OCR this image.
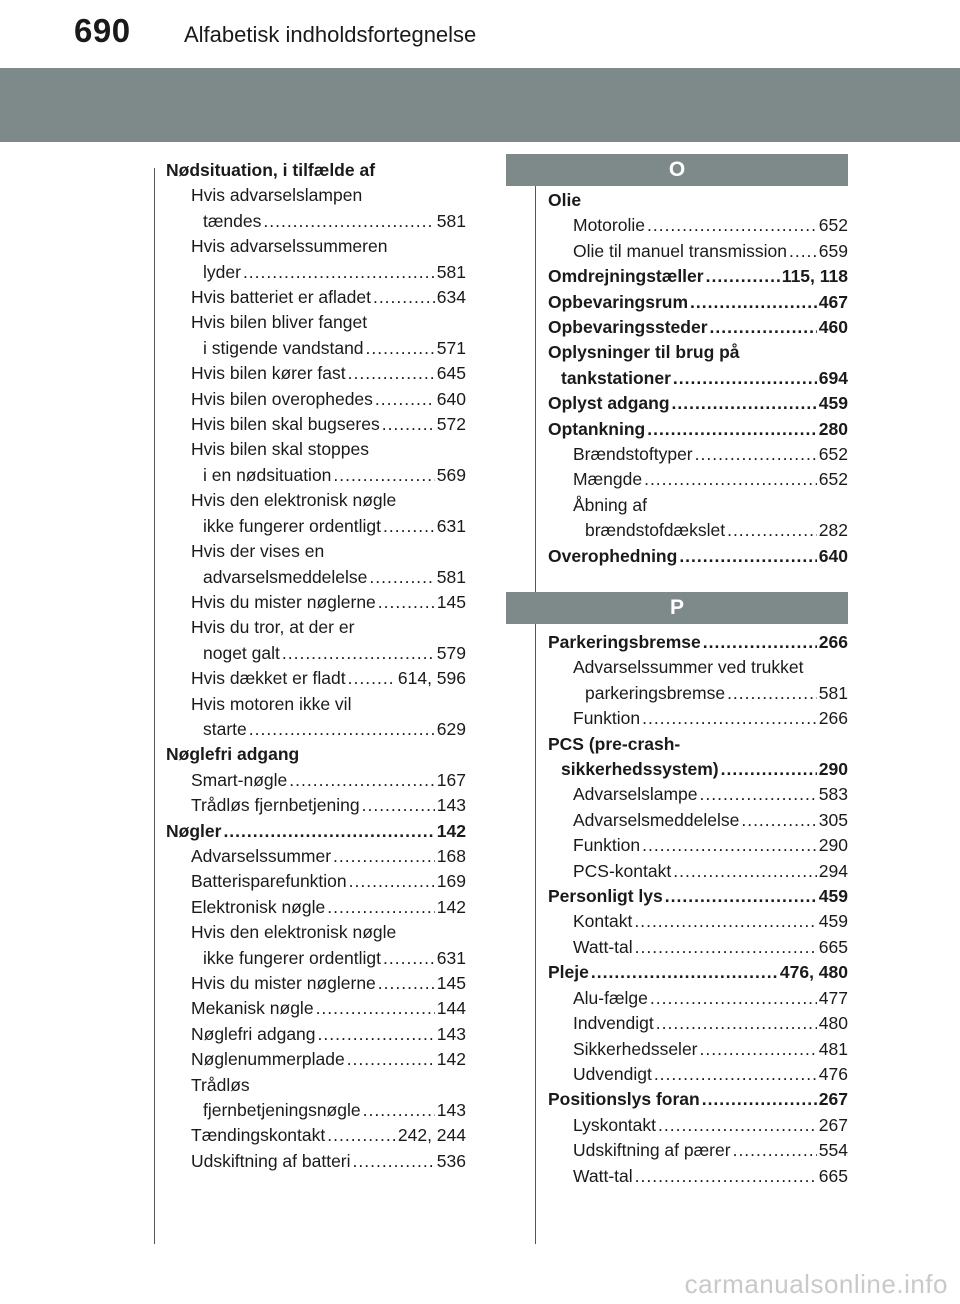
690 Alfabetisk indholdsfortegnelse
Nødsituation, i tilfælde af
Hvis advarselslampen
tændes .....	581
Hvis advarselssummeren
lyder .....	581
Hvis batteriet er afladet .....	634
Hvis bilen bliver fanget
i stigende vandstand .....	571
Hvis bilen kører fast .....	645
Hvis bilen overophedes .....	640
Hvis bilen skal bugseres .....	572
Hvis bilen skal stoppes
i en nødsituation .....	569
Hvis den elektronisk nøgle
ikke fungerer ordentligt .....	631
Hvis der vises en
advarselsmeddelelse .....	581
Hvis du mister nøglerne .....	145
Hvis du tror, at der er
noget galt .....	579
Hvis dækket er fladt .....	614, 596
Hvis motoren ikke vil
starte .....	629
Nøglefri adgang
Smart-nøgle .....	167
Trådløs fjernbetjening .....	143
Nøgler .....	142
Advarselssummer .....	168
Batterisparefunktion .....	169
Elektronisk nøgle .....	142
Hvis den elektronisk nøgle
ikke fungerer ordentligt .....	631
Hvis du mister nøglerne .....	145
Mekanisk nøgle .....	144
Nøglefri adgang .....	143
Nøglenummerplade .....	142
Trådløs
fjernbetjeningsnøgle .....	143
Tændingskontakt .....	242, 244
Udskiftning af batteri .....	536
O
Olie
Motorolie .....	652
Olie til manuel transmission ..... 659
Omdrejningstæller .....	115, 118
Opbevaringsrum .....	467
Opbevaringssteder .....	460
Oplysninger til brug på
tankstationer .....	694
Oplyst adgang .....	459
Optankning .....	280
Brændstoftyper .....	652
Mængde .....	652
Åbning af
brændstofdækslet .....	282
Overophedning .....	640
P
Parkeringsbremse .....	266
Advarselssummer ved trukket
parkeringsbremse .....	581
Funktion .....	266
PCS (pre-crash-
sikkerhedssystem) .....	290
Advarselslampe .....	583
Advarselsmeddelelse .....	305
Funktion .....	290
PCS-kontakt .....	294
Personligt lys .....	459
Kontakt .....	459
Watt-tal .....	665
Pleje .....	476, 480
Alu-fælge .....	477
Indvendigt .....	480
Sikkerhedsseler .....	481
Udvendigt .....	476
Positionslys foran .....	267
Lyskontakt .....	267
Udskiftning af pærer .....	554
Watt-tal .....	665
carmanualsonline.info
